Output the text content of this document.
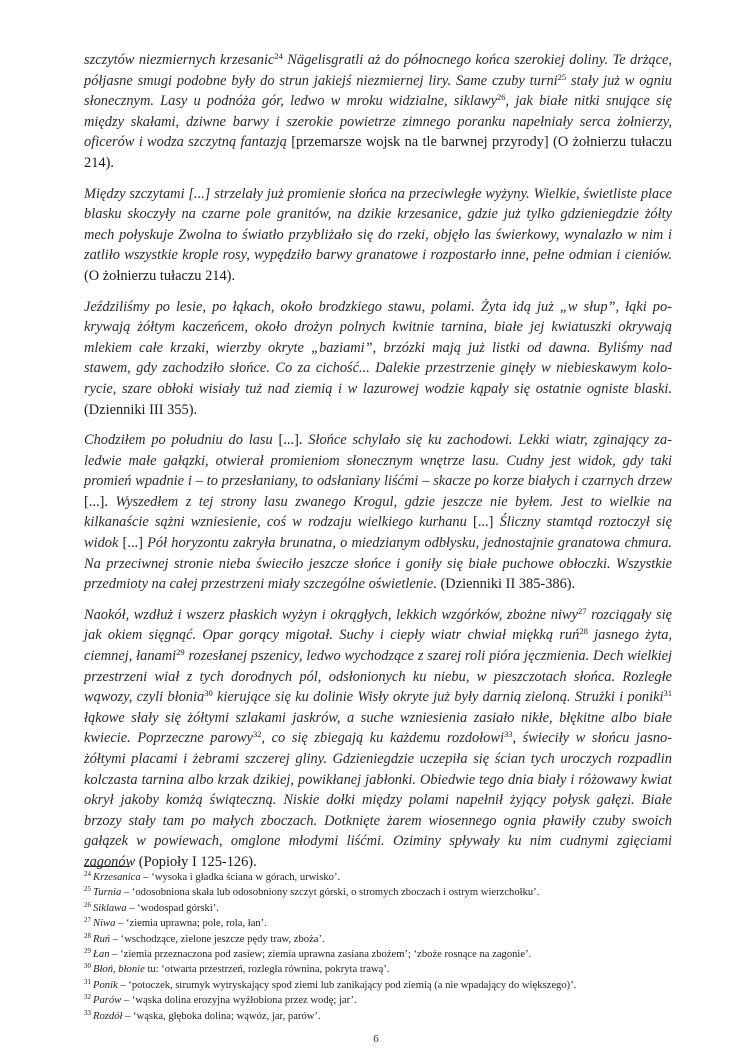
szczytów niezmiernych krzesanic$^{24}$ Nägelisgratli aż do północnego końca szerokiej doliny. Te drżące, półjasne smugi podobne były do strun jakiejś niezmiernej liry. Same czuby turni$^{25}$ stały już w ogniu słonecznym. Lasy u podnóża gór, ledwo w mroku widzialne, siklawy$^{26}$, jak białe nitki snujące się między skałami, dziwne barwy i szerokie powietrze zimnego poranku napełniały serca żołnierzy, oficerów i wodza szczytną fantazją [przemarsze wojsk na tle barwnej przyrody] (O żołnierzu tułaczu 214).

Między szczytami [...] strzelały już promienie słońca na przeciwległe wyżyny. Wielkie, świetliste place blasku skoczyły na czarne pole granitów, na dzikie krzesanice, gdzie już tylko gdzieniegdzie żółty mech połyskuje Zwolna to światło przybliżało się do rzeki, objęło las świerkowy, wynalazło w nim i zatliło wszystkie krople rosy, wypędziło barwy granatowe i rozpostarło inne, pełne odmian i cieniów. (O żołnierzu tułaczu 214).

Jeździliśmy po lesie, po łąkach, około brodzkiego stawu, polami. Żyta idą już „w słup”, łąki pokrywają żółtym kaczeńcem, około drożyn polnych kwitnie tarnina, białe jej kwiatuszki okrywają mlekiem całe krzaki, wierzby okryte „baziami”, brzózki mają już listki od dawna. Byliśmy nad stawem, gdy zachodziło słońce. Co za cichość... Dalekie przestrzenie ginęły w niebieskawym kolorycie, szare obłoki wisiały tuż nad ziemią i w lazurowej wodzie kąpały się ostatnie ogniste blaski. (Dzienniki III 355).

Chodziłem po południu do lasu [...]. Słońce schylało się ku zachodowi. Lekki wiatr, zginający zaledwie małe gałązki, otwierał promieniom słonecznym wnętrze lasu. Cudny jest widok, gdy taki promień wpadnie i – to przesłaniany, to odsłaniany liśćmi – skacze po korze białych i czarnych drzew [...]. Wyszedłem z tej strony lasu zwanego Krogul, gdzie jeszcze nie byłem. Jest to wielkie na kilkanaście sążni wzniesienie, coś w rodzaju wielkiego kurhanu [...] Śliczny stamtąd roztoczył się widok [...] Pół horyzontu zakryła brunatna, o miedzianym odbłysku, jednostajnie granatowa chmura. Na przeciwnej stronie nieba świeciło jeszcze słońce i goniły się białe puchowe obłoczki. Wszystkie przedmioty na całej przestrzeni miały szczególne oświetlenie. (Dzienniki II 385-386).

Naokół, wzdłuż i wszerz płaskich wyżyn i okrągłych, lekkich wzgórków, zbożne niwy$^{27}$ rozciągały się jak okiem sięgnąć. Opar gorący migotał. Suchy i ciepły wiatr chwiał miękką ruń$^{28}$ jasnego żyta, ciemnej, łanami$^{29}$ rozesłanej pszenicy, ledwo wychodzące z szarej roli pióra jęczmienia. Dech wielkiej przestrzeni wiał z tych dorodnych pól, odsłonionych ku niebu, w pieszczotach słońca. Rozległe wąwozy, czyli błonia$^{30}$ kierujące się ku dolinie Wisły okryte już były darnią zieloną. Strużki i poniki$^{31}$ łąkowe słały się żółtymi szlakami jaskrów, a suche wzniesienia zasiało nikłe, błękitne albo białe kwiecie. Poprzeczne parowy$^{32}$, co się zbiegają ku każdemu rozdołowi$^{33}$, świeciły w słońcu jasnożółtymi placami i żebrami szczerej gliny. Gdzieniegdzie uczepiła się ścian tych uroczych rozpadlin kolczasta tarnina albo krzak dzikiej, powikłanej jabłonki. Obiedwie tego dnia biały i różowawy kwiat okrył jakoby komżą świąteczną. Niskie dołki między polami napełnił żyjący połysk gałęzi. Białe brzozy stały tam po małych zboczach. Dotknięte żarem wiosennego ognia pławiły czuby swoich gałązek w powiewach, omglone młodymi liśćmi. Oziminy spływały ku nim cudnymi zgięciami zagonów (Popioły I 125-126).

$^{24}$ Krzesanica – ‘wysoka i gładka ściana w górach, urwisko’.

$^{25}$ Turnia – ‘odosobniona skała lub odosobniony szczyt górski, o stromych zboczach i ostrym wierzchołku’.

$^{26}$ Siklawa – ‘wodospad górski’.

$^{27}$ Niwa – ‘ziemia uprawna; pole, rola, łan’.

$^{28}$ Ruń – ‘wschodzące, zielone jeszcze pędy traw, zboża’.

$^{29}$ Łan – ‘ziemia przeznaczona pod zasiew; ziemia uprawna zasiana zbożem’; ‘zboże rosnące na zagonie’.

$^{30}$ Błoń, błonie tu: ‘otwarta przestrzeń, rozległa równina, pokryta trawą’.

$^{31}$ Ponik – ‘potoczek, strumyk wytryskający spod ziemi lub zanikający pod ziemią (a nie wpadający do większego)’.

$^{32}$ Parów – ‘wąska dolina erozyjna wyżłobiona przez wodę; jar’.

$^{33}$ Rozdół – ‘wąska, głęboka dolina; wąwóz, jar, parów’.

6
